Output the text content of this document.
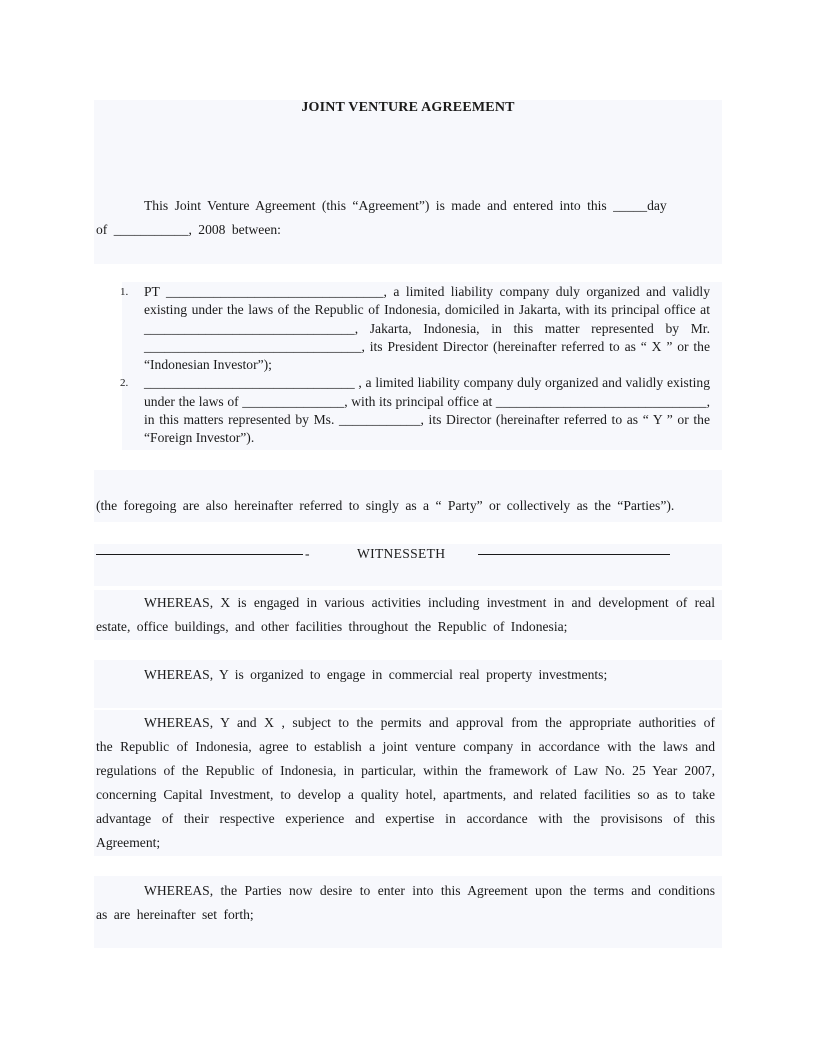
JOINT VENTURE AGREEMENT
This Joint Venture Agreement (this “Agreement”) is made and entered into this _____day
of ___________, 2008 between:
1. PT ________________________________, a limited liability company duly organized and validly existing under the laws of the Republic of Indonesia, domiciled in Jakarta, with its principal office at _______________________________, Jakarta, Indonesia, in this matter represented by Mr. ________________________________, its President Director (hereinafter referred to as “ X ” or the “Indonesian Investor”);
2. _______________________________ , a limited liability company duly organized and validly existing under the laws of _______________, with its principal office at _______________________________, in this matters represented by Ms. ____________, its Director (hereinafter referred to as “ Y ” or the “Foreign Investor”).
(the foregoing are also hereinafter referred to singly as a “ Party” or collectively as the “Parties”).
-	WITNESSETH
WHEREAS, X is engaged in various activities including investment in and development of real estate, office buildings, and other facilities throughout the Republic of Indonesia;
WHEREAS, Y is organized to engage in commercial real property investments;
WHEREAS, Y and X , subject to the permits and approval from the appropriate authorities of the Republic of Indonesia, agree to establish a joint venture company in accordance with the laws and regulations of the Republic of Indonesia, in particular, within the framework of Law No. 25 Year 2007, concerning Capital Investment, to develop a quality hotel, apartments, and related facilities so as to take advantage of their respective experience and expertise in accordance with the provisisons of this Agreement;
WHEREAS, the Parties now desire to enter into this Agreement upon the terms and conditions as are hereinafter set forth;
